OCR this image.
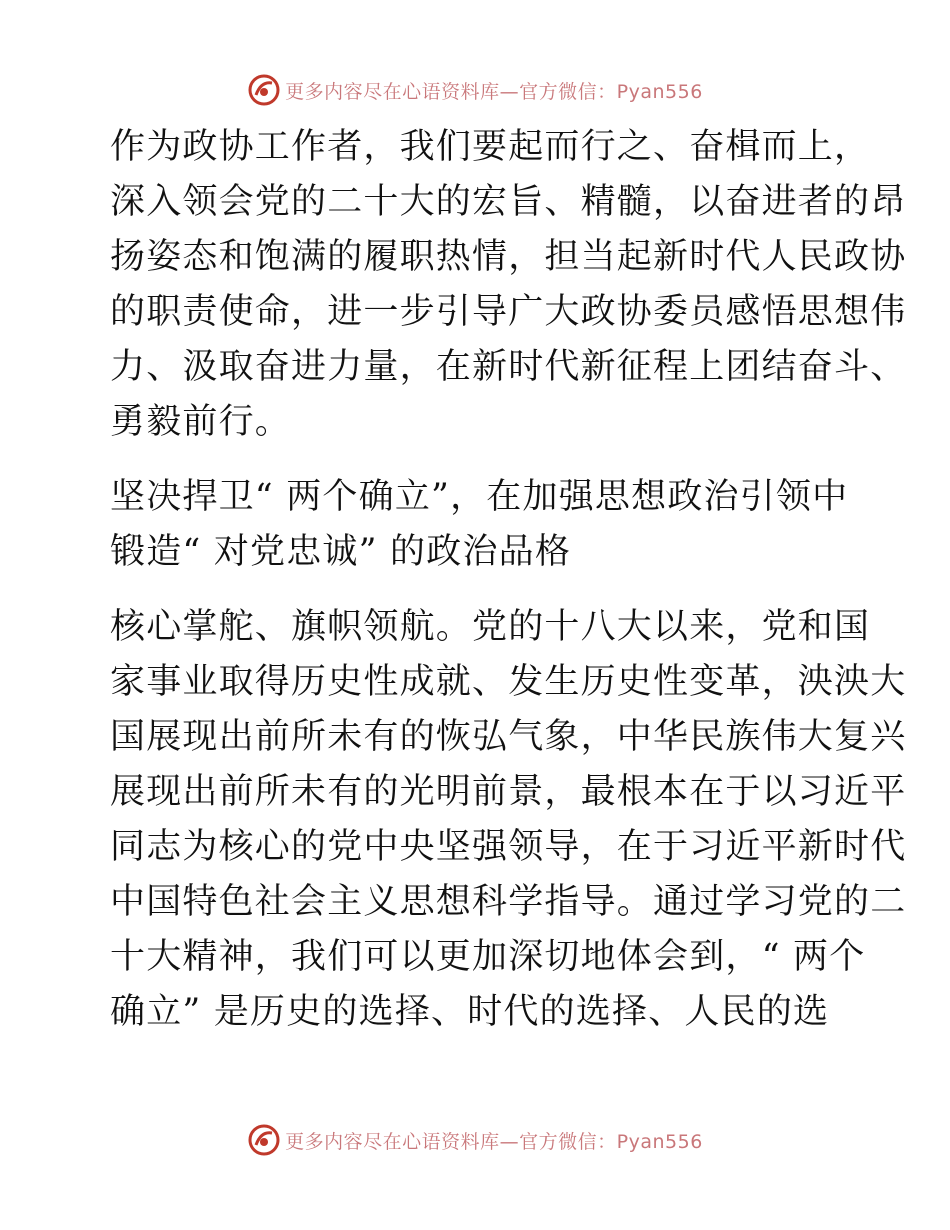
更多内容尽在心语资料库—官方微信：Pyan556

作为政协工作者，我们要起而行之、奋楫而上，
深入领会党的二十大的宏旨、精髓，以奋进者的昂
扬姿态和饱满的履职热情，担当起新时代人民政协
的职责使命，进一步引导广大政协委员感悟思想伟
力、汲取奋进力量，在新时代新征程上团结奋斗、
勇毅前行。

坚决捍卫“ 两个确立”，在加强思想政治引领中
锻造“ 对党忠诚” 的政治品格

核心掌舵、旗帜领航。党的十八大以来，党和国
家事业取得历史性成就、发生历史性变革，泱泱大
国展现出前所未有的恢弘气象，中华民族伟大复兴
展现出前所未有的光明前景，最根本在于以习近平
同志为核心的党中央坚强领导，在于习近平新时代
中国特色社会主义思想科学指导。通过学习党的二
十大精神，我们可以更加深切地体会到，“ 两个
确立” 是历史的选择、时代的选择、人民的选

更多内容尽在心语资料库—官方微信：Pyan556
